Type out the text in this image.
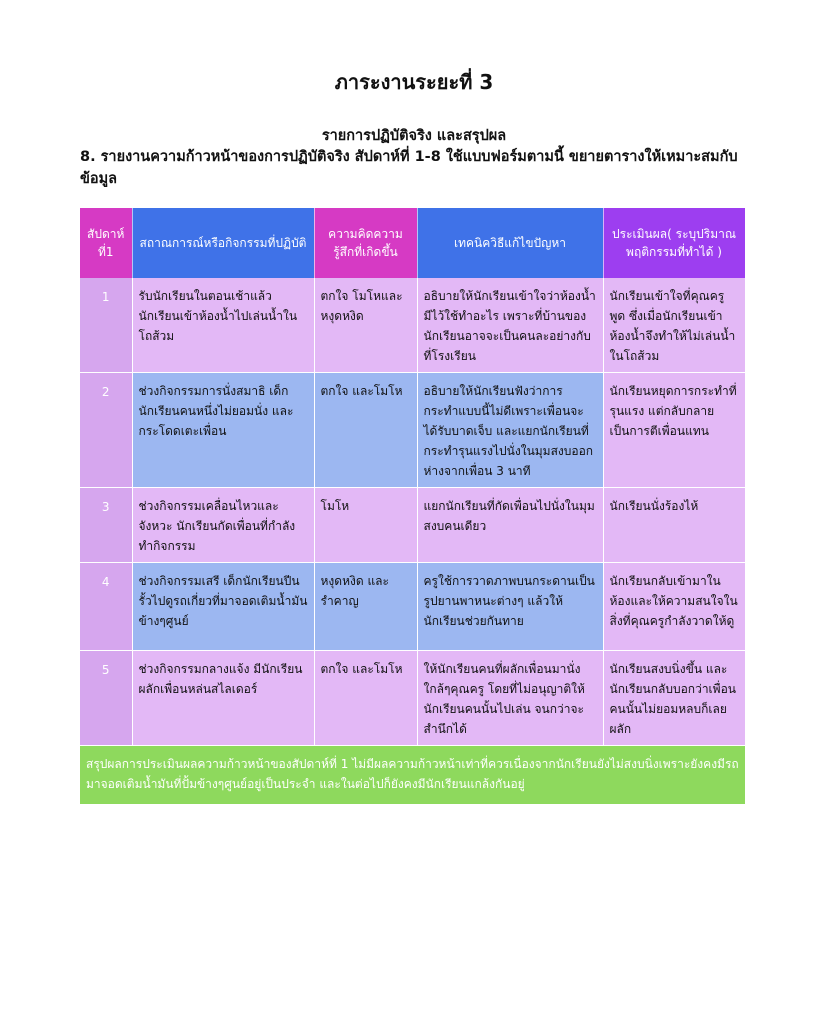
ภาระงานระยะที่ 3
รายการปฏิบัติจริง และสรุปผล
8. รายงานความก้าวหน้าของการปฏิบัติจริง สัปดาห์ที่ 1-8 ใช้แบบฟอร์มตามนี้ ขยายตารางให้เหมาะสมกับข้อมูล
สัปดาห์ที่1	สถาณการณ์หรือกิจกรรมที่ปฏิบัติ	ความคิดความรู้สึกที่เกิดขึ้น	เทคนิควิธีแก้ไขปัญหา	ประเมินผล( ระบุปริมาณพฤติกรรมที่ทำได้ )
1	รับนักเรียนในตอนเช้าแล้วนักเรียนเข้าห้องน้ำไปเล่นน้ำในโถส้วม	ตกใจ โมโหและหงุดหงิด	อธิบายให้นักเรียนเข้าใจว่าห้องน้ำมีไว้ใช้ทำอะไร เพราะที่บ้านของนักเรียนอาจจะเป็นคนละอย่างกับที่โรงเรียน	นักเรียนเข้าใจที่คุณครูพูด ซึ่งเมื่อนักเรียนเข้าห้องน้ำจึงทำให้ไม่เล่นน้ำในโถส้วม
2	ช่วงกิจกรรมการนั่งสมาธิ เด็กนักเรียนคนหนึ่งไม่ยอมนั่ง และกระโดดเตะเพื่อน	ตกใจ และโมโห	อธิบายให้นักเรียนฟังว่าการกระทำแบบนี้ไม่ดีเพราะเพื่อนจะได้รับบาดเจ็บ และแยกนักเรียนที่กระทำรุนแรงไปนั่งในมุมสงบออกห่างจากเพื่อน 3 นาที	นักเรียนหยุดการกระทำที่รุนแรง แต่กลับกลายเป็นการตีเพื่อนแทน
3	ช่วงกิจกรรมเคลื่อนไหวและจังหวะ นักเรียนกัดเพื่อนที่กำลังทำกิจกรรม	โมโห	แยกนักเรียนที่กัดเพื่อนไปนั่งในมุมสงบคนเดียว	นักเรียนนั่งร้องไห้
4	ช่วงกิจกรรมเสรี เด็กนักเรียนปีนรั้วไปดูรถเกี่ยวที่มาจอดเติมน้ำมันข้างๆศูนย์	หงุดหงิด และรำคาญ	ครูใช้การวาดภาพบนกระดานเป็นรูปยานพาหนะต่างๆ แล้วให้นักเรียนช่วยกันทาย	นักเรียนกลับเข้ามาในห้องและให้ความสนใจในสิ่งที่คุณครูกำลังวาดให้ดู
5	ช่วงกิจกรรมกลางแจ้ง มีนักเรียนผลักเพื่อนหล่นสไลเดอร์	ตกใจ และโมโห	ให้นักเรียนคนที่ผลักเพื่อนมานั่งใกล้ๆคุณครู โดยที่ไม่อนุญาติให้นักเรียนคนนั้นไปเล่น จนกว่าจะสำนึกได้	นักเรียนสงบนิ่งขึ้น และนักเรียนกลับบอกว่าเพื่อนคนนั้นไม่ยอมหลบก็เลยผลัก
สรุปผลการประเมินผลความก้าวหน้าของสัปดาห์ที่ 1 ไม่มีผลความก้าวหน้าเท่าที่ควรเนื่องจากนักเรียนยังไม่สงบนิ่งเพราะยังคงมีรถมาจอดเติมน้ำมันที่ปั้มข้างๆศูนย์อยู่เป็นประจำ และในต่อไปก็ยังคงมีนักเรียนแกล้งกันอยู่				
